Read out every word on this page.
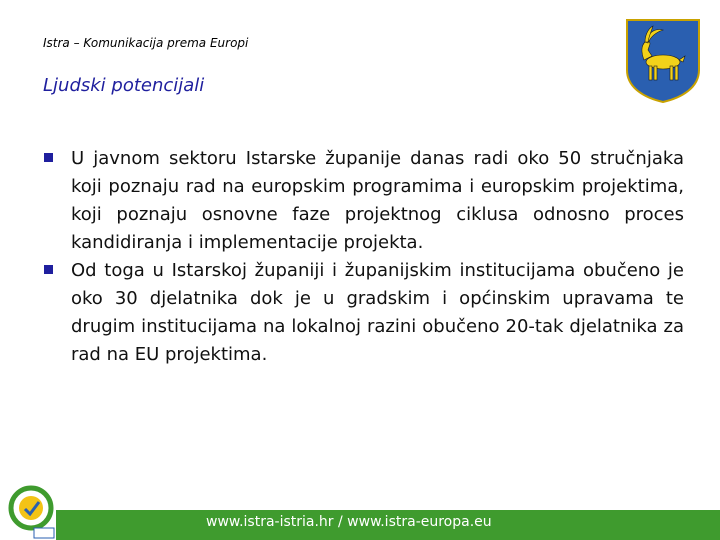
Istra – Komunikacija prema Europi
Ljudski potencijali
U javnom sektoru Istarske županije danas radi oko 50 stručnjaka koji poznaju rad na europskim programima i europskim projektima, koji poznaju osnovne faze projektnog ciklusa odnosno proces kandidiranja i implementacije projekta.
Od toga u Istarskoj županiji i županijskim institucijama obučeno je oko 30 djelatnika dok je u gradskim i općinskim upravama te drugim institucijama na lokalnoj razini obučeno 20-tak djelatnika za rad na EU projektima.
www.istra-istria.hr / www.istra-europa.eu
